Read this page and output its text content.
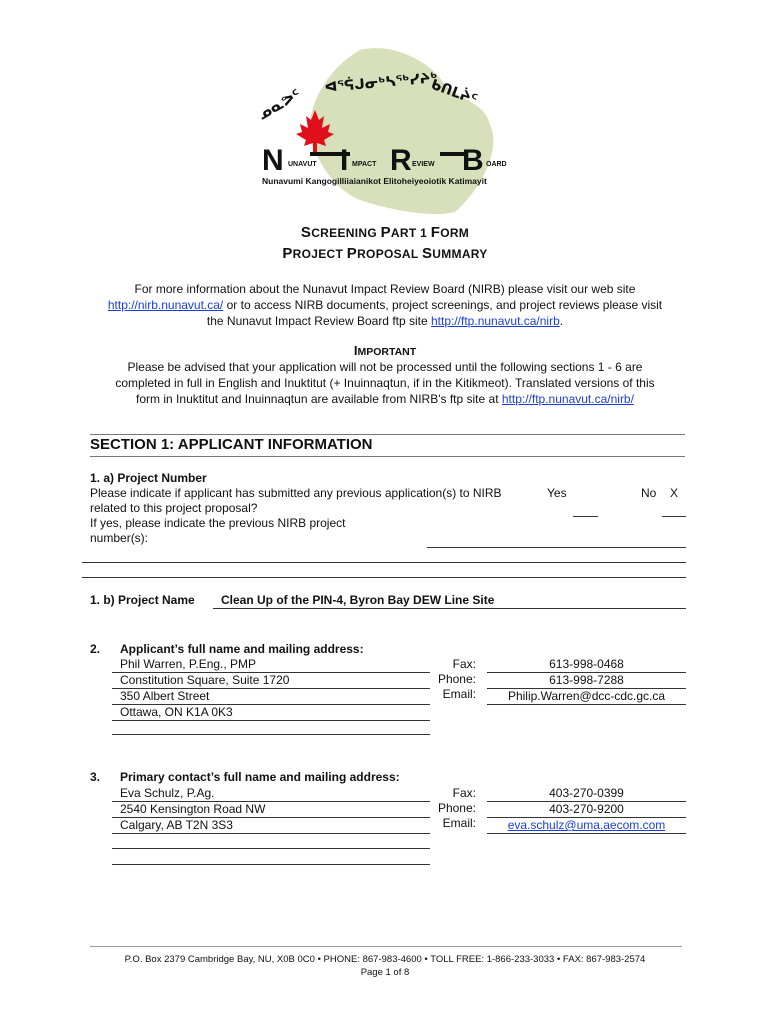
ᓄᓇᕗᑦ
ᐊᕐᕌᒍᓂᒃᓴᖅᓯᔨᒃ
ᑲᑎᒪᔩᑦ
N UNAVUT I MPACT R EVIEW B OARD
Nunavumi Kangogilliiaianikot Elitoheiyeoiotik Katimayit
SCREENING PART 1 FORM
PROJECT PROPOSAL SUMMARY
For more information about the Nunavut Impact Review Board (NIRB) please visit our web site
http://nirb.nunavut.ca/ or to access NIRB documents, project screenings, and project reviews please visit
the Nunavut Impact Review Board ftp site http://ftp.nunavut.ca/nirb.
IMPORTANT
Please be advised that your application will not be processed until the following sections 1 - 6 are
completed in full in English and Inuktitut (+ Inuinnaqtun, if in the Kitikmeot). Translated versions of this
form in Inuktitut and Inuinnaqtun are available from NIRB's ftp site at http://ftp.nunavut.ca/nirb/
SECTION 1: APPLICANT INFORMATION
1. a) Project Number
Please indicate if applicant has submitted any previous application(s) to NIRB
related to this project proposal?
If yes, please indicate the previous NIRB project
number(s):
Yes	No X
1. b) Project Name	Clean Up of the PIN-4, Byron Bay DEW Line Site
2. Applicant’s full name and mailing address:
Phil Warren, P.Eng., PMP
Constitution Square, Suite 1720
350 Albert Street
Ottawa, ON K1A 0K3
Fax:
Phone:
Email:
613-998-0468
613-998-7288
Philip.Warren@dcc-cdc.gc.ca
3. Primary contact’s full name and mailing address:
Eva Schulz, P.Ag.
2540 Kensington Road NW
Calgary, AB T2N 3S3
Fax:
Phone:
Email:
403-270-0399
403-270-9200
eva.schulz@uma.aecom.com
P.O. Box 2379 Cambridge Bay, NU, X0B 0C0 • PHONE: 867-983-4600 • TOLL FREE: 1-866-233-3033 • FAX: 867-983-2574
Page 1 of 8
